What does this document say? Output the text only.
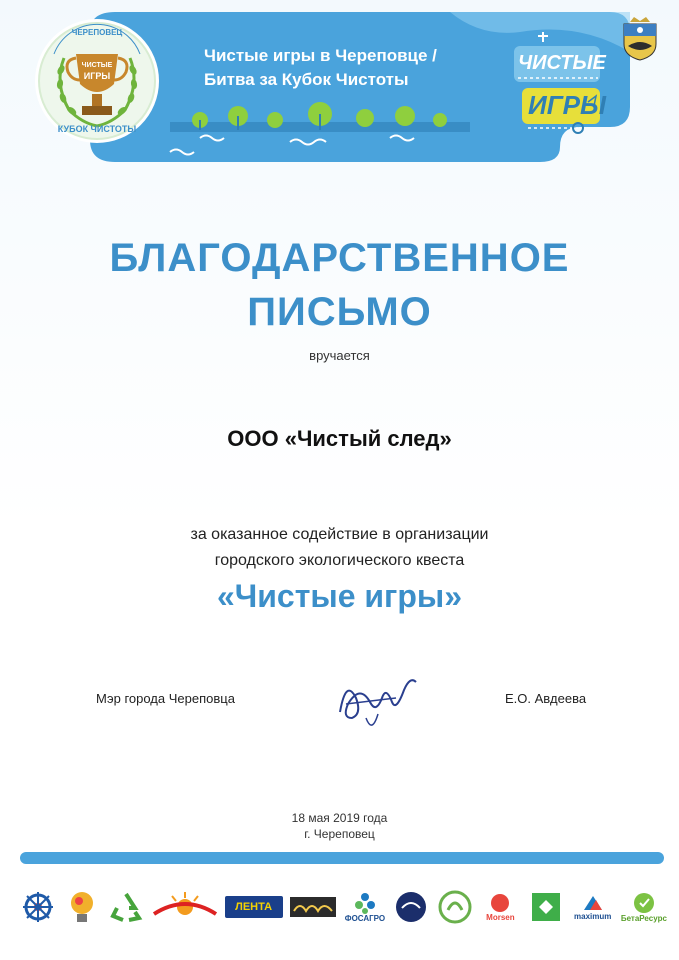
Чистые игры в Череповце /
Битва за Кубок Чистоты
ЧЕРЕПОВЕЦ
ЧИСТЫЕ
ИГРЫ
КУБОК ЧИСТОТЫ
ЧИСТЫЕ
ИГРЫ
БЛАГОДАРСТВЕННОЕ
ПИСЬМО
вручается
ООО «Чистый след»
за оказанное содействие в организации
городского экологического квеста
«Чистые игры»
Мэр города Череповца	Е.О. Авдеева
18 мая 2019 года
г. Череповец
ЛЕНТА
ФОСАГРО	Morsen	maximum БетаРесурс
